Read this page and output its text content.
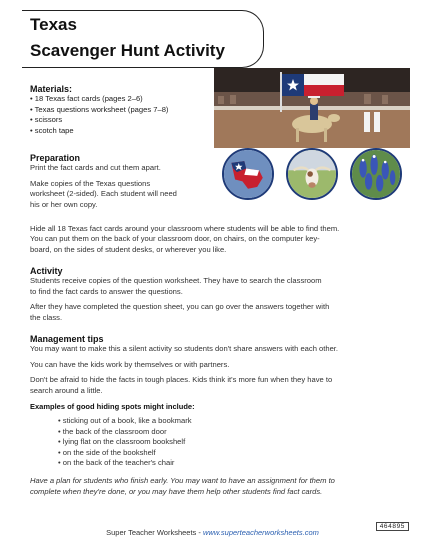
Texas
Scavenger Hunt Activity
Materials:
• 18 Texas fact cards (pages 2–6)
• Texas questions worksheet (pages 7–8)
• scissors
• scotch tape
Preparation
Print the fact cards and cut them apart.
Make copies of the Texas questions
worksheet (2-sided). Each student will need
his or her own copy.
Hide all 18 Texas fact cards around your classroom where students will be able to find them.
You can put them on the back of your classroom door, on chairs, on the computer key-
board, on the sides of student desks, or wherever you like.
Activity
Students receive copies of the question worksheet. They have to search the classroom
to find the fact cards to answer the questions.
After they have completed the question sheet, you can go over the answers together with
the class.
Management tips
You may want to make this a silent activity so students don't share answers with each other.
You can have the kids work by themselves or with partners.
Don't be afraid to hide the facts in tough places. Kids think it's more fun when they have to
search around a little.
Examples of good hiding spots might include:
• sticking out of a book, like a bookmark
• the back of the classroom door
• lying flat on the classroom bookshelf
• on the side of the bookshelf
• on the back of the teacher's chair
Have a plan for students who finish early. You may want to have an assignment for them to
complete when they're done, or you may have them help other students find fact cards.
Super Teacher Worksheets - www.superteacherworksheets.com
464895
